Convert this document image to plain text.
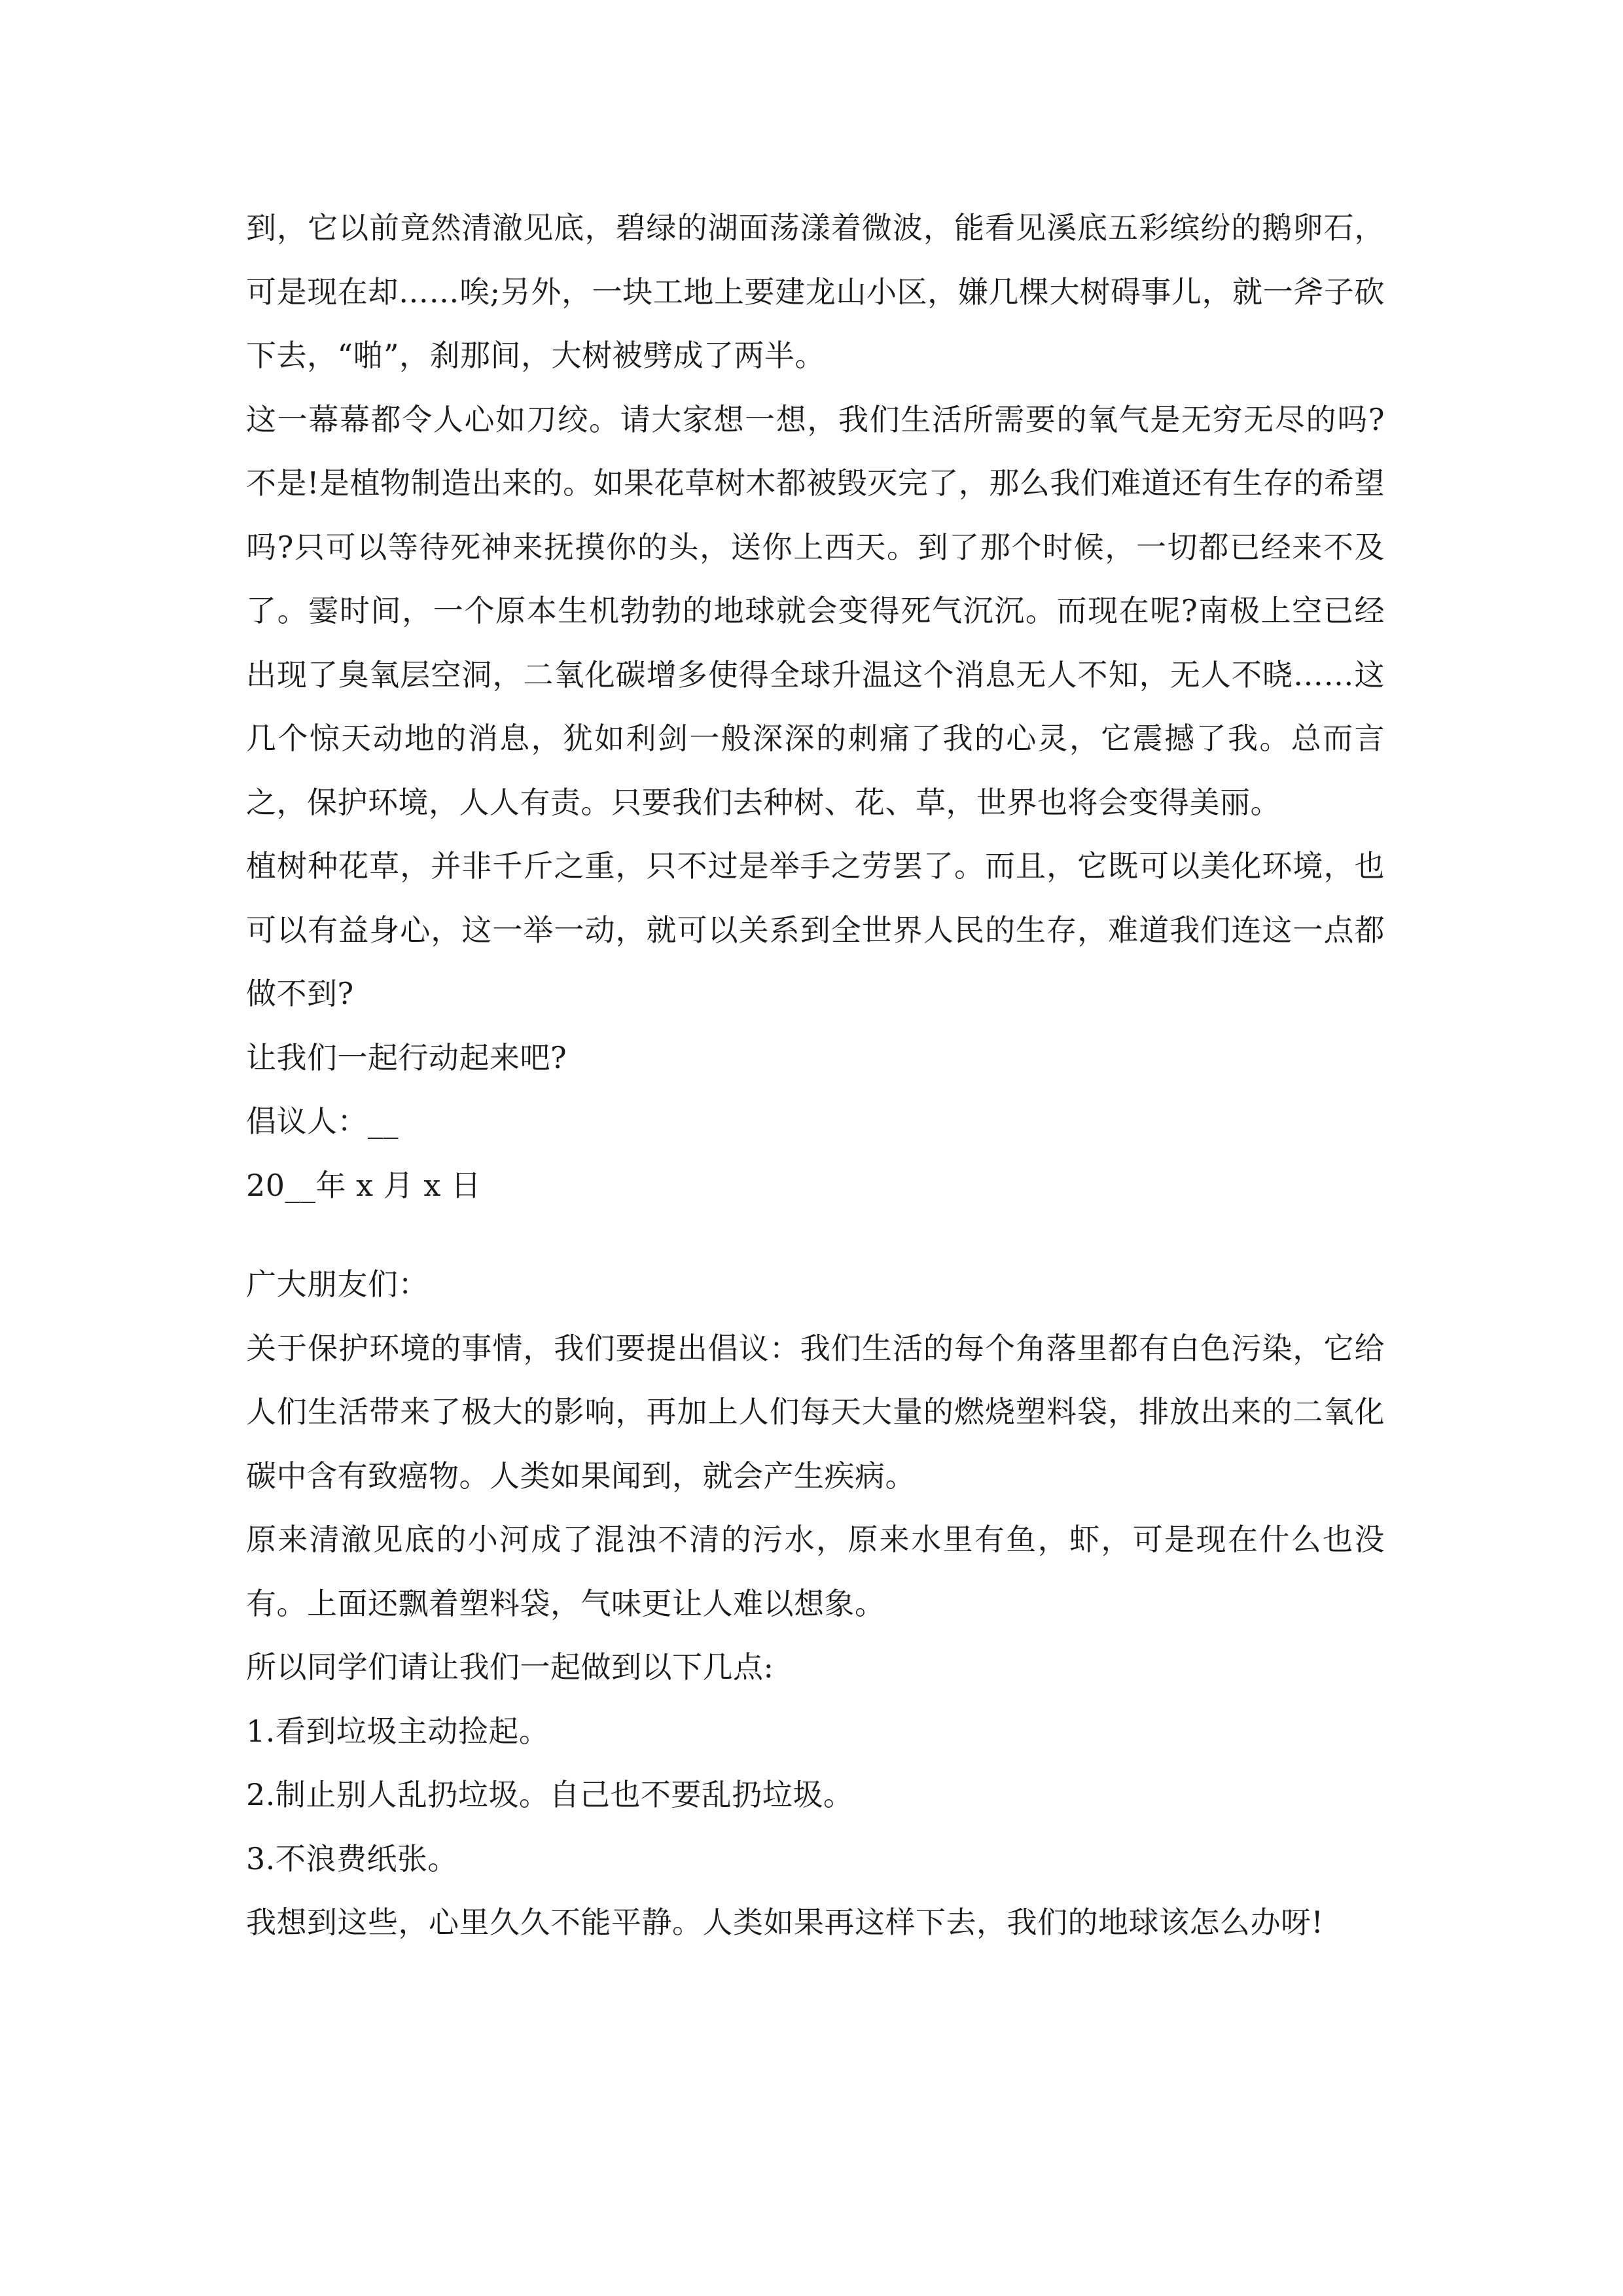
到，它以前竟然清澈见底，碧绿的湖面荡漾着微波，能看见溪底五彩缤纷的鹅卵石，可是现在却……唉;另外，一块工地上要建龙山小区，嫌几棵大树碍事儿，就一斧子砍下去，“啪”，刹那间，大树被劈成了两半。

这一幕幕都令人心如刀绞。请大家想一想，我们生活所需要的氧气是无穷无尽的吗?不是!是植物制造出来的。如果花草树木都被毁灭完了，那么我们难道还有生存的希望吗?只可以等待死神来抚摸你的头，送你上西天。到了那个时候，一切都已经来不及了。霎时间，一个原本生机勃勃的地球就会变得死气沉沉。而现在呢?南极上空已经出现了臭氧层空洞，二氧化碳增多使得全球升温这个消息无人不知，无人不晓……这几个惊天动地的消息，犹如利剑一般深深的刺痛了我的心灵，它震撼了我。总而言之，保护环境，人人有责。只要我们去种树、花、草，世界也将会变得美丽。

植树种花草，并非千斤之重，只不过是举手之劳罢了。而且，它既可以美化环境，也可以有益身心，这一举一动，就可以关系到全世界人民的生存，难道我们连这一点都做不到?

让我们一起行动起来吧?

倡议人：__

20__年 x 月 x 日

广大朋友们：

关于保护环境的事情，我们要提出倡议：我们生活的每个角落里都有白色污染，它给人们生活带来了极大的影响，再加上人们每天大量的燃烧塑料袋，排放出来的二氧化碳中含有致癌物。人类如果闻到，就会产生疾病。

原来清澈见底的小河成了混浊不清的污水，原来水里有鱼，虾，可是现在什么也没有。上面还飘着塑料袋，气味更让人难以想象。

所以同学们请让我们一起做到以下几点:

1.看到垃圾主动捡起。

2.制止别人乱扔垃圾。自己也不要乱扔垃圾。

3.不浪费纸张。

我想到这些，心里久久不能平静。人类如果再这样下去，我们的地球该怎么办呀!
